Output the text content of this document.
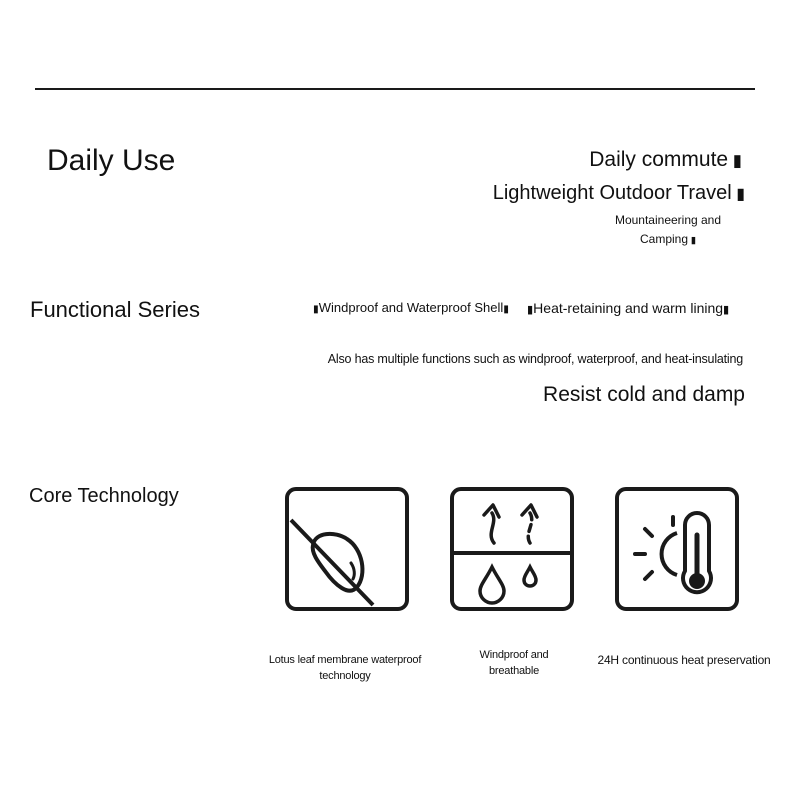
Daily Use	Daily commute ▮
Lightweight Outdoor Travel ▮
Mountaineering and
Camping ▮
Functional Series	▮Windproof and Waterproof Shell▮ ▮Heat-retaining and warm lining▮
Also has multiple functions such as windproof, waterproof, and heat-insulating
Resist cold and damp
Core Technology
Lotus leaf membrane waterproof technology
Windproof and
breathable
24H continuous heat preservation
